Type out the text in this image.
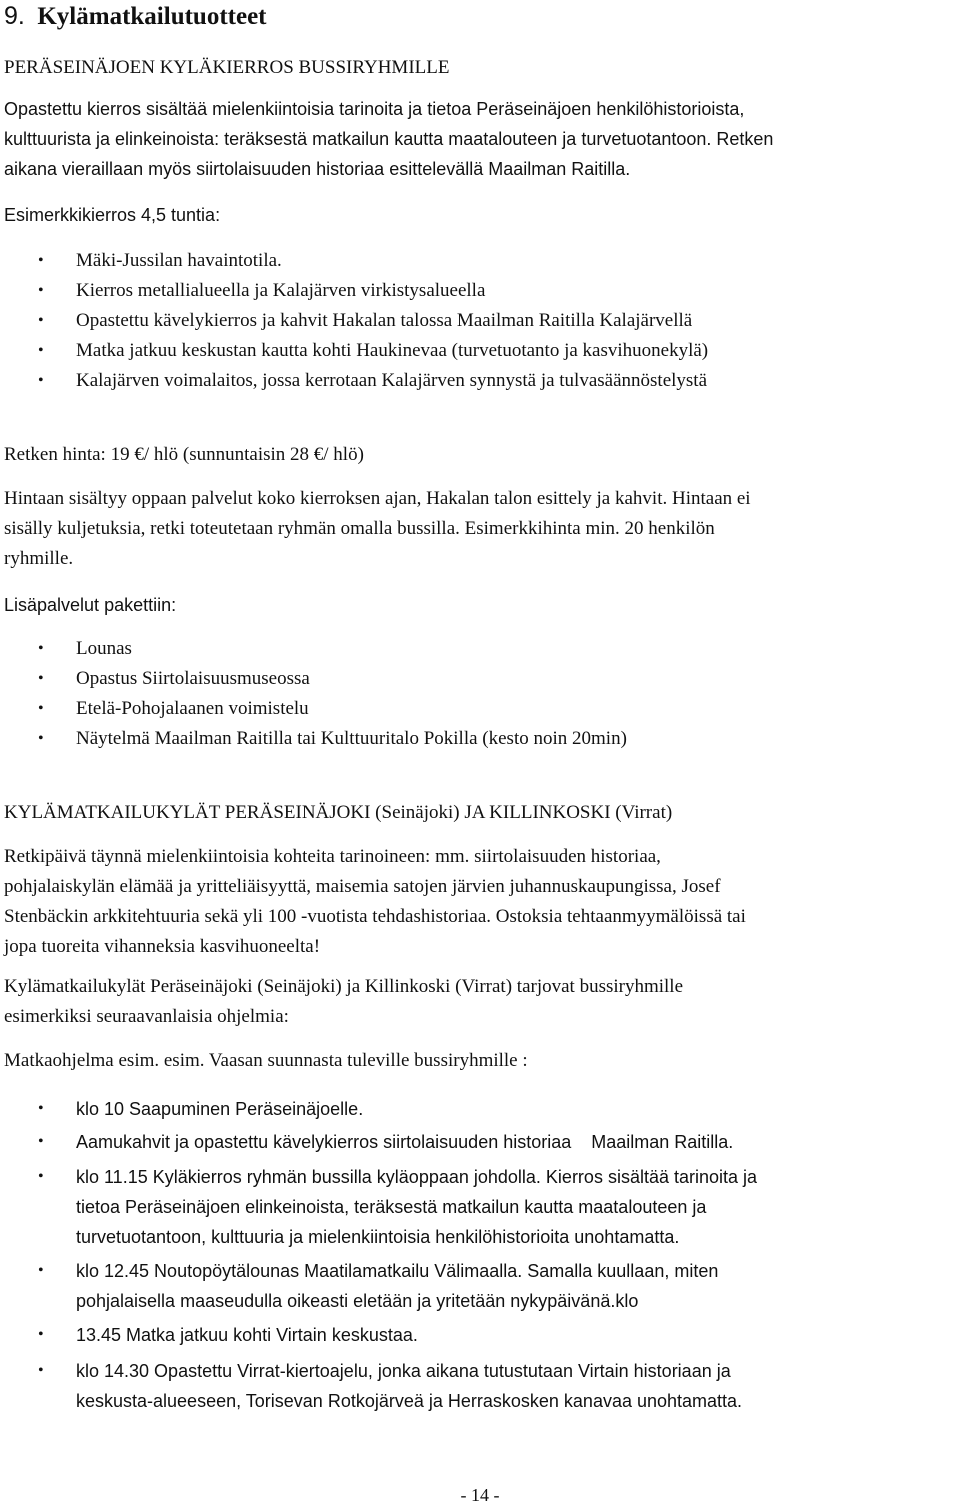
9. Kylämatkailutuotteet
PERÄSEINÄJOEN KYLÄKIERROS BUSSIRYHMILLE
Opastettu kierros sisältää mielenkiintoisia tarinoita ja tietoa Peräseinäjoen henkilöhistorioista,
kulttuurista ja elinkeinoista: teräksestä matkailun kautta maatalouteen ja turvetuotantoon. Retken
aikana vieraillaan myös siirtolaisuuden historiaa esittelevällä Maailman Raitilla.
Esimerkkikierros 4,5 tuntia:
• Mäki-Jussilan havaintotila.
• Kierros metallialueella ja Kalajärven virkistysalueella
• Opastettu kävelykierros ja kahvit Hakalan talossa Maailman Raitilla Kalajärvellä
• Matka jatkuu keskustan kautta kohti Haukinevaa (turvetuotanto ja kasvihuonekylä)
• Kalajärven voimalaitos, jossa kerrotaan Kalajärven synnystä ja tulvasäännöstelystä
Retken hinta: 19 €/ hlö (sunnuntaisin 28 €/ hlö)
Hintaan sisältyy oppaan palvelut koko kierroksen ajan, Hakalan talon esittely ja kahvit. Hintaan ei
sisälly kuljetuksia, retki toteutetaan ryhmän omalla bussilla. Esimerkkihinta min. 20 henkilön
ryhmille.
Lisäpalvelut pakettiin:
• Lounas
• Opastus Siirtolaisuusmuseossa
• Etelä-Pohojalaanen voimistelu
• Näytelmä Maailman Raitilla tai Kulttuuritalo Pokilla (kesto noin 20min)
KYLÄMATKAILUKYLÄT PERÄSEINÄJOKI (Seinäjoki) JA KILLINKOSKI (Virrat)
Retkipäivä täynnä mielenkiintoisia kohteita tarinoineen: mm. siirtolaisuuden historiaa,
pohjalaiskylän elämää ja yritteliäisyyttä, maisemia satojen järvien juhannuskaupungissa, Josef
Stenbäckin arkkitehtuuria sekä yli 100 -vuotista tehdashistoriaa. Ostoksia tehtaanmyymälöissä tai
jopa tuoreita vihanneksia kasvihuoneelta!
Kylämatkailukylät Peräseinäjoki (Seinäjoki) ja Killinkoski (Virrat) tarjovat bussiryhmille
esimerkiksi seuraavanlaisia ohjelmia:
Matkaohjelma esim. esim. Vaasan suunnasta tuleville bussiryhmille :
• klo 10 Saapuminen Peräseinäjoelle.
• Aamukahvit ja opastettu kävelykierros siirtolaisuuden historiaa    Maailman Raitilla.
• klo 11.15 Kyläkierros ryhmän bussilla kyläoppaan johdolla. Kierros sisältää tarinoita ja
tietoa Peräseinäjoen elinkeinoista, teräksestä matkailun kautta maatalouteen ja
turvetuotantoon, kulttuuria ja mielenkiintoisia henkilöhistorioita unohtamatta.
• klo 12.45 Noutopöytälounas Maatilamatkailu Välimaalla. Samalla kuullaan, miten
pohjalaisella maaseudulla oikeasti eletään ja yritetään nykypäivänä.klo
• 13.45 Matka jatkuu kohti Virtain keskustaa.
• klo 14.30 Opastettu Virrat-kiertoajelu, jonka aikana tutustutaan Virtain historiaan ja
keskusta-alueeseen, Torisevan Rotkojärveä ja Herraskosken kanavaa unohtamatta.
- 14 -
